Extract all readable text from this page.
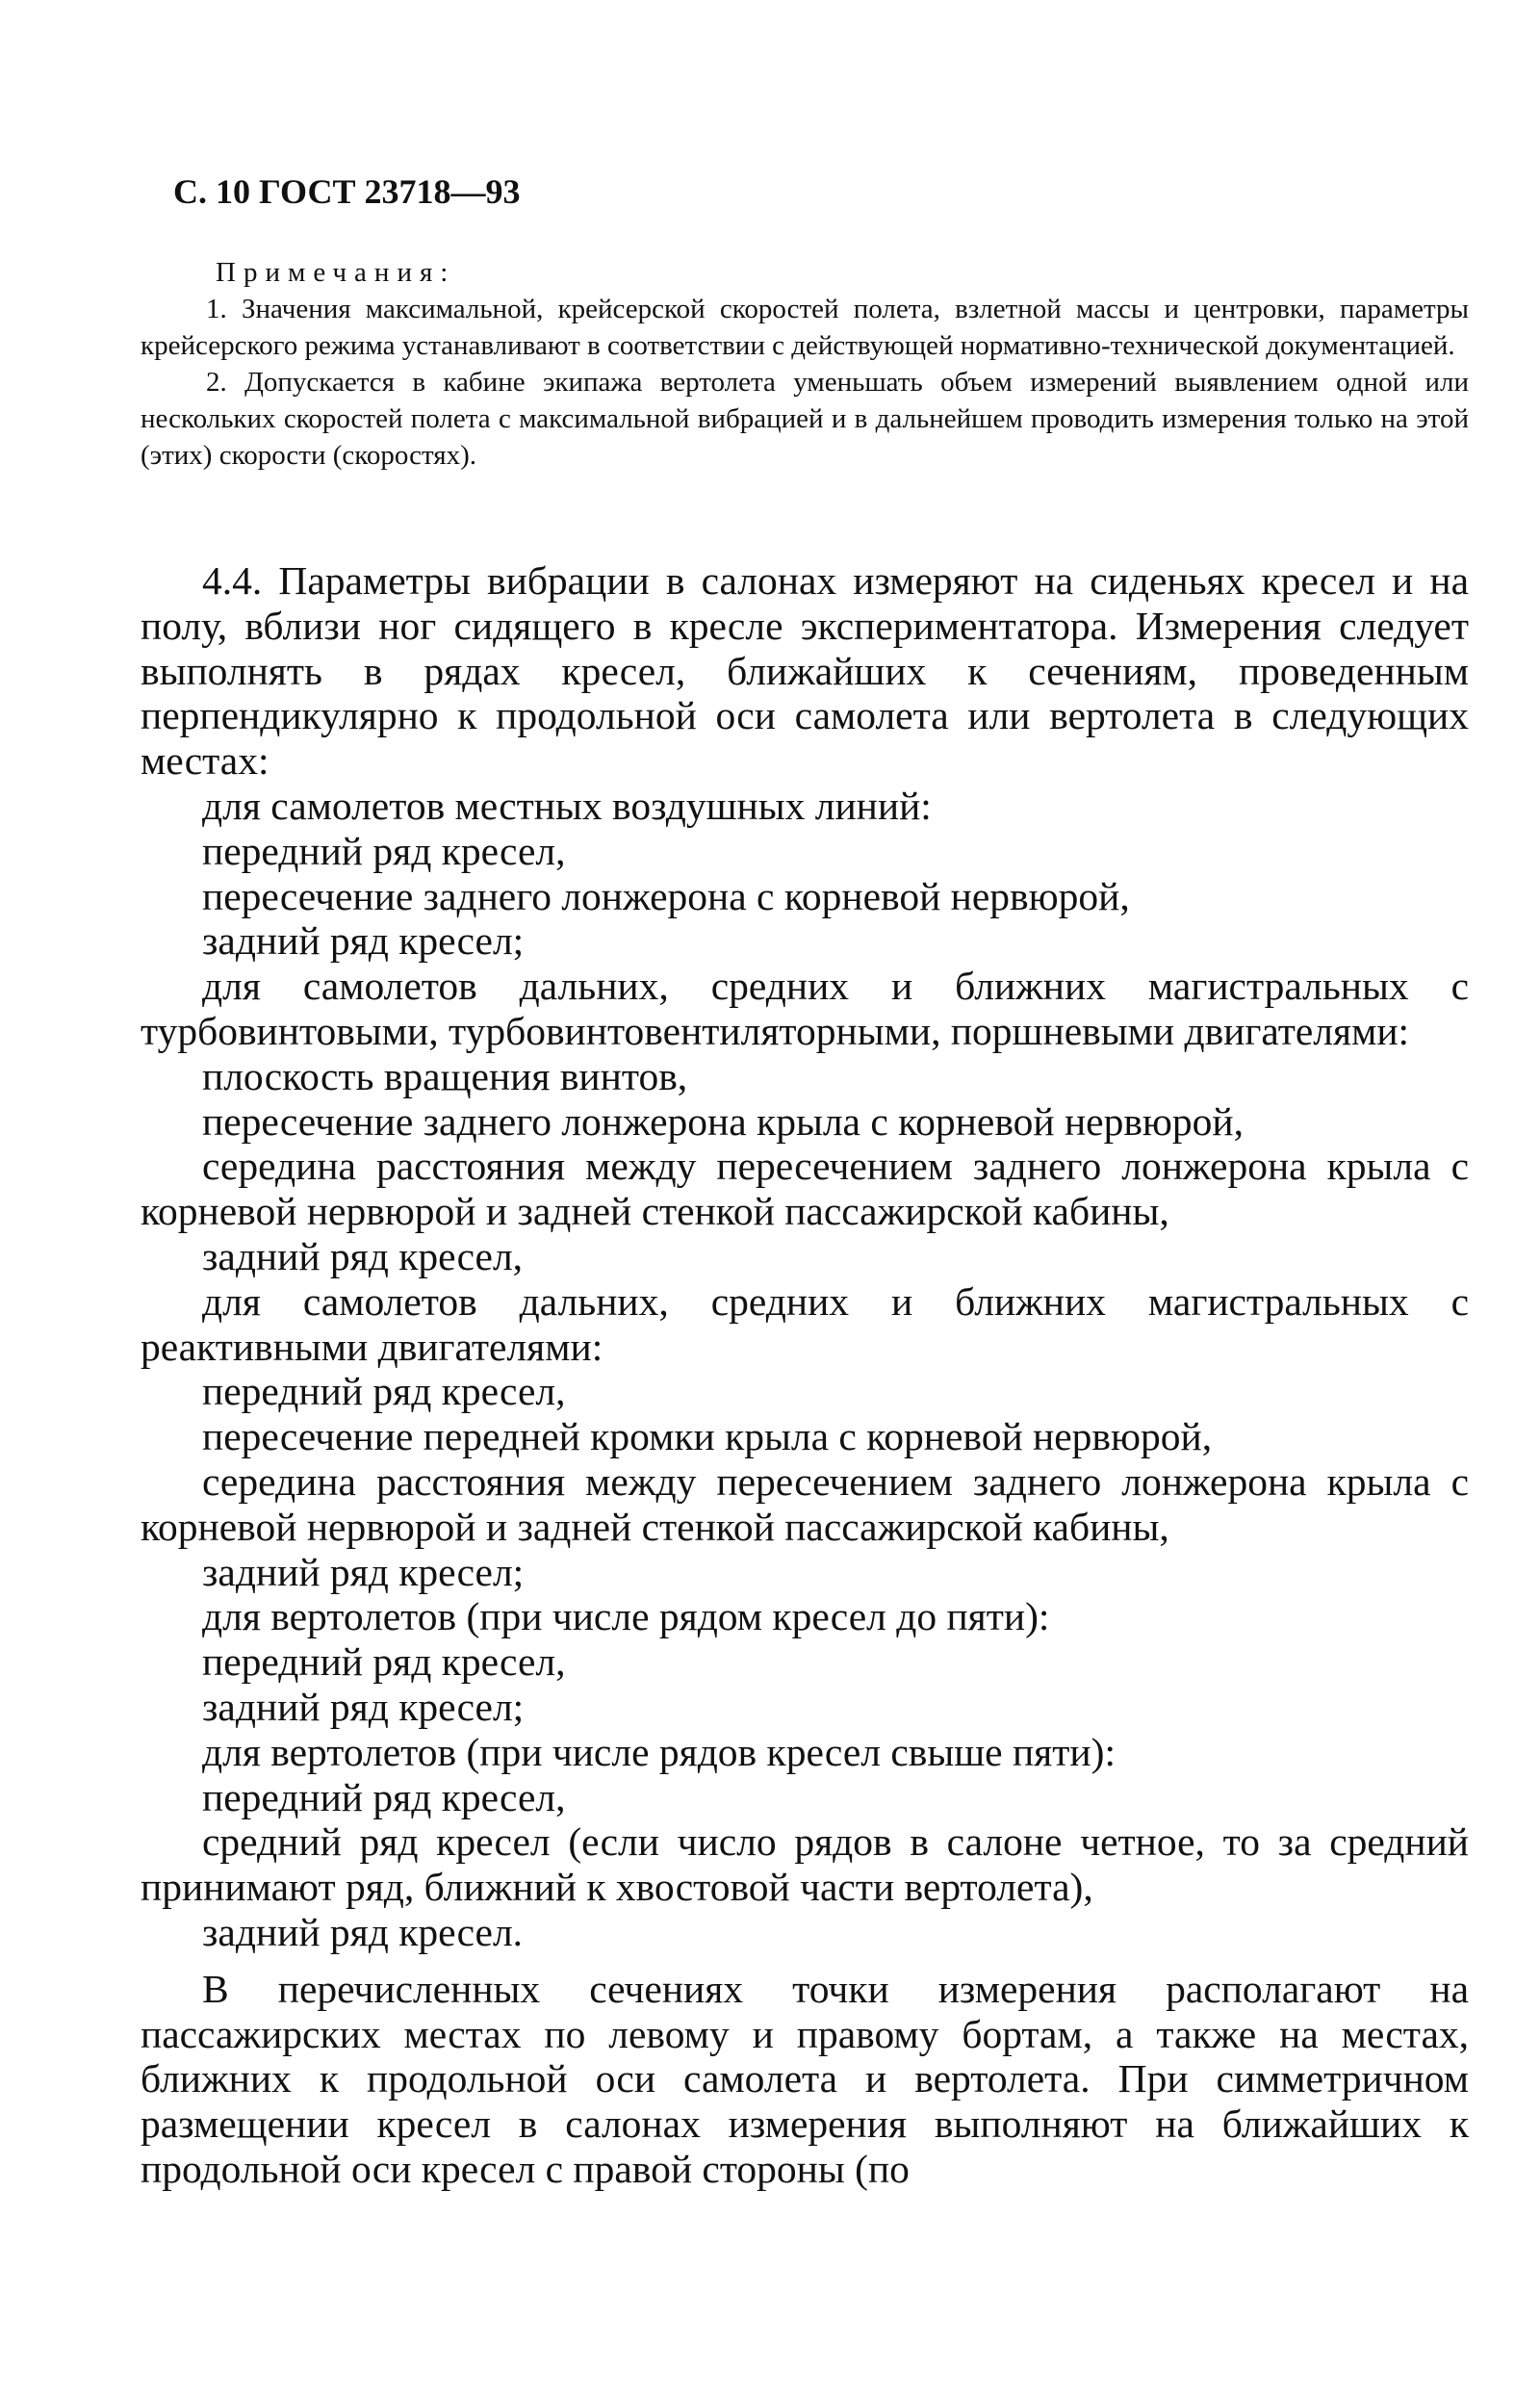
С. 10 ГОСТ 23718—93
Примечания:

1. Значения максимальной, крейсерской скоростей полета, взлетной массы и центровки, параметры крейсерского режима устанавливают в соответствии с действующей нормативно-технической документацией.

2. Допускается в кабине экипажа вертолета уменьшать объем измерений выявлением одной или нескольких скоростей полета с максимальной вибрацией и в дальнейшем проводить измерения только на этой (этих) скорости (скоростях).

4.4. Параметры вибрации в салонах измеряют на сиденьях кресел и на полу, вблизи ног сидящего в кресле экспериментатора. Измерения следует выполнять в рядах кресел, ближайших к сечениям, проведенным перпендикулярно к продольной оси самолета или вертолета в следующих местах:

для самолетов местных воздушных линий:

передний ряд кресел,

пересечение заднего лонжерона с корневой нервюрой,

задний ряд кресел;

для самолетов дальних, средних и ближних магистральных с турбовинтовыми, турбовинтовентиляторными, поршневыми двигателями:

плоскость вращения винтов,

пересечение заднего лонжерона крыла с корневой нервюрой,

середина расстояния между пересечением заднего лонжерона крыла с корневой нервюрой и задней стенкой пассажирской кабины,

задний ряд кресел,

для самолетов дальних, средних и ближних магистральных с реактивными двигателями:

передний ряд кресел,

пересечение передней кромки крыла с корневой нервюрой,

середина расстояния между пересечением заднего лонжерона крыла с корневой нервюрой и задней стенкой пассажирской кабины,

задний ряд кресел;

для вертолетов (при числе рядом кресел до пяти):

передний ряд кресел,

задний ряд кресел;

для вертолетов (при числе рядов кресел свыше пяти):

передний ряд кресел,

средний ряд кресел (если число рядов в салоне четное, то за средний принимают ряд, ближний к хвостовой части вертолета),

задний ряд кресел.

В перечисленных сечениях точки измерения располагают на пассажирских местах по левому и правому бортам, а также на местах, ближних к продольной оси самолета и вертолета. При симметричном размещении кресел в салонах измерения выполняют на ближайших к продольной оси кресел с правой стороны (по
